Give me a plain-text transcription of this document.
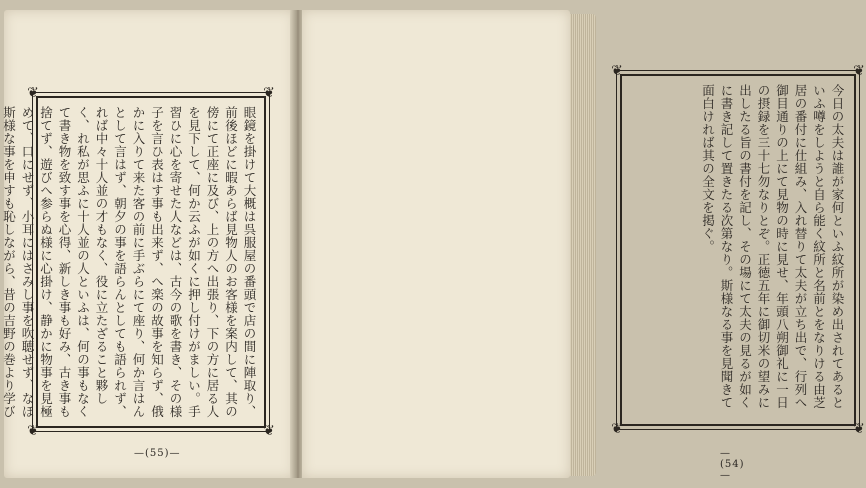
❦	❦
❦	❦

眼鏡を掛けて大概は呉服屋の番頭で店の間に陣取り、前後ほどに暇あらば見物人のお客様を案内して、其の傍にて正座に及び、上の方へ出張り、下の方に居る人を見下して、何か云ふが如くに押し付けがましい。手習ひに心を寄せた人などは、古今の歌を書き、その様子を言ひ表はす事も出来ず、へ楽の故事を知らず、俄かに入りて来た客の前に手ぶらにて座り、何か言はんとして言はず、朝夕の事を語らんとしても語られず、れば中々十人並の才もなく、役に立たざること夥しく、れ私が思ふに十人並の人といふは、何の事もなくて書き物を致す事を心得、新しき事も好み、古き事も捨てず、遊びへ参らぬ様に心掛け、静かに物事を見極めて、口にせず、小耳にはさみし事を吹聴せず、なほ斯様な事を申すも恥しながら、昔の吉野の巻より学び

—(55)—
❦	❦
❦	❦

今日の太夫は誰が家何といふ紋所が染め出されてあるといふ噂をしようと自ら能く紋所と名前とをなりける由芝居の番付に仕組み、入れ替りて太夫が立ち出で、行列へ御目通りの上にて見物の時に見せ、年頭八朔御礼に一日の摂録を三十七勿なりとぞ。正徳五年に御切米の望みに出したる旨の書付を記し、その場にて太夫の見るが如くに書き記して置きたる次第なり。斯様なる事を見聞きて面白ければ其の全文を掲ぐ。

—(54)—
